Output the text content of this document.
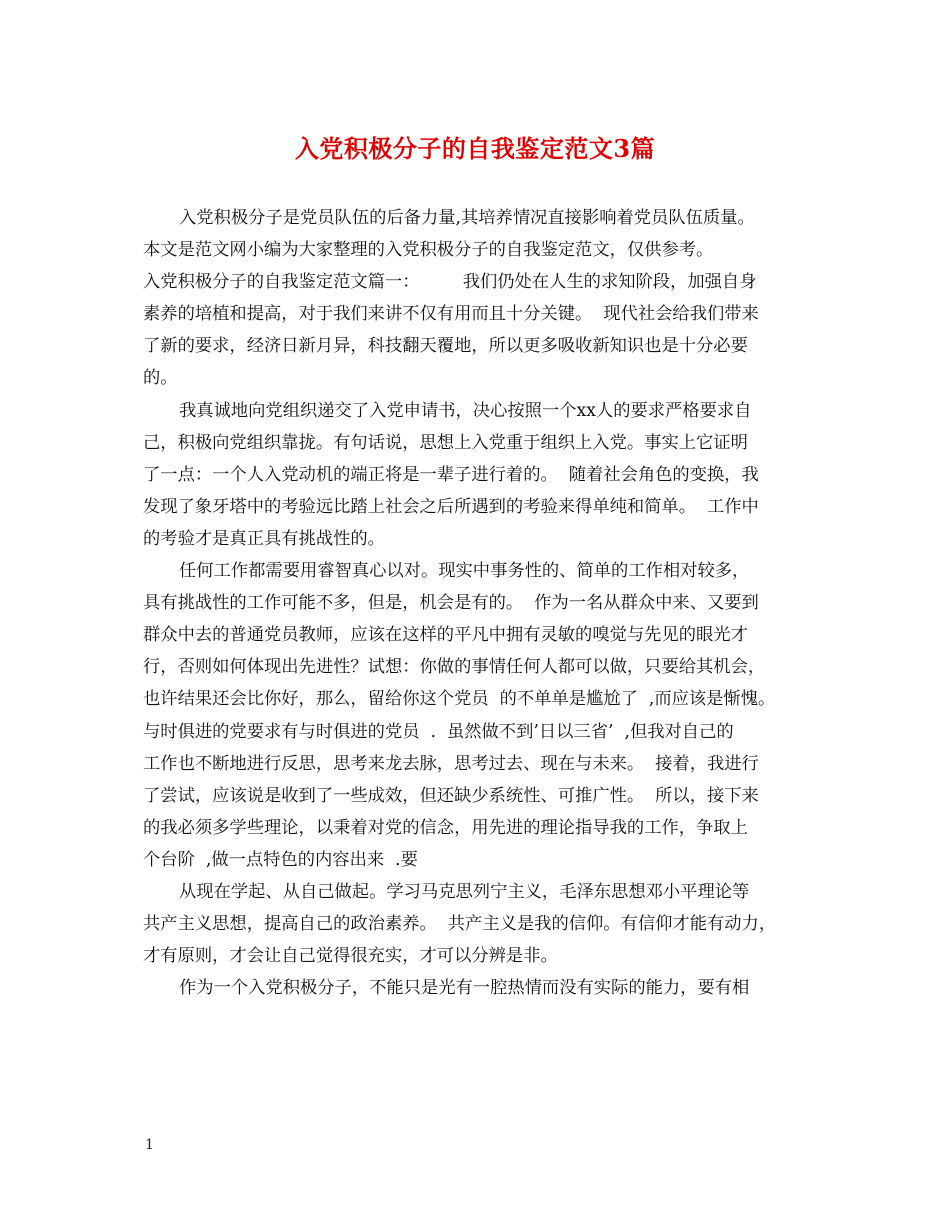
入党积极分子的自我鉴定范文3篇
入党积极分子是党员队伍的后备力量,其培养情况直接影响着党员队伍质量。
本文是范文网小编为大家整理的入党积极分子的自我鉴定范文，仅供参考。
入党积极分子的自我鉴定范文篇一：　　　我们仍处在人生的求知阶段，加强自身
素养的培植和提高，对于我们来讲不仅有用而且十分关键。  现代社会给我们带来
了新的要求，经济日新月异，科技翻天覆地，所以更多吸收新知识也是十分必要
的。
我真诚地向党组织递交了入党申请书，决心按照一个xx人的要求严格要求自
己，积极向党组织靠拢。有句话说，思想上入党重于组织上入党。事实上它证明
了一点：一个人入党动机的端正将是一辈子进行着的。  随着社会角色的变换，我
发现了象牙塔中的考验远比踏上社会之后所遇到的考验来得单纯和简单。  工作中
的考验才是真正具有挑战性的。
任何工作都需要用睿智真心以对。现实中事务性的、简单的工作相对较多，
具有挑战性的工作可能不多，但是，机会是有的。  作为一名从群众中来、又要到
群众中去的普通党员教师，应该在这样的平凡中拥有灵敏的嗅觉与先见的眼光才
行，否则如何体现出先进性？试想：你做的事情任何人都可以做，只要给其机会，
也许结果还会比你好，那么，留给你这个党员  的不单单是尴尬了  ,而应该是惭愧。
与时俱进的党要求有与时俱进的党员  .  虽然做不到’日以三省’  ,但我对自己的
工作也不断地进行反思，思考来龙去脉，思考过去、现在与未来。  接着，我进行
了尝试，应该说是收到了一些成效，但还缺少系统性、可推广性。  所以，接下来
的我必须多学些理论，以秉着对党的信念，用先进的理论指导我的工作，争取上
个台阶  ,做一点特色的内容出来  .要
从现在学起、从自己做起。学习马克思列宁主义，毛泽东思想邓小平理论等
共产主义思想，提高自己的政治素养。  共产主义是我的信仰。有信仰才能有动力，
才有原则，才会让自己觉得很充实，才可以分辨是非。
作为一个入党积极分子，不能只是光有一腔热情而没有实际的能力，要有相
1
